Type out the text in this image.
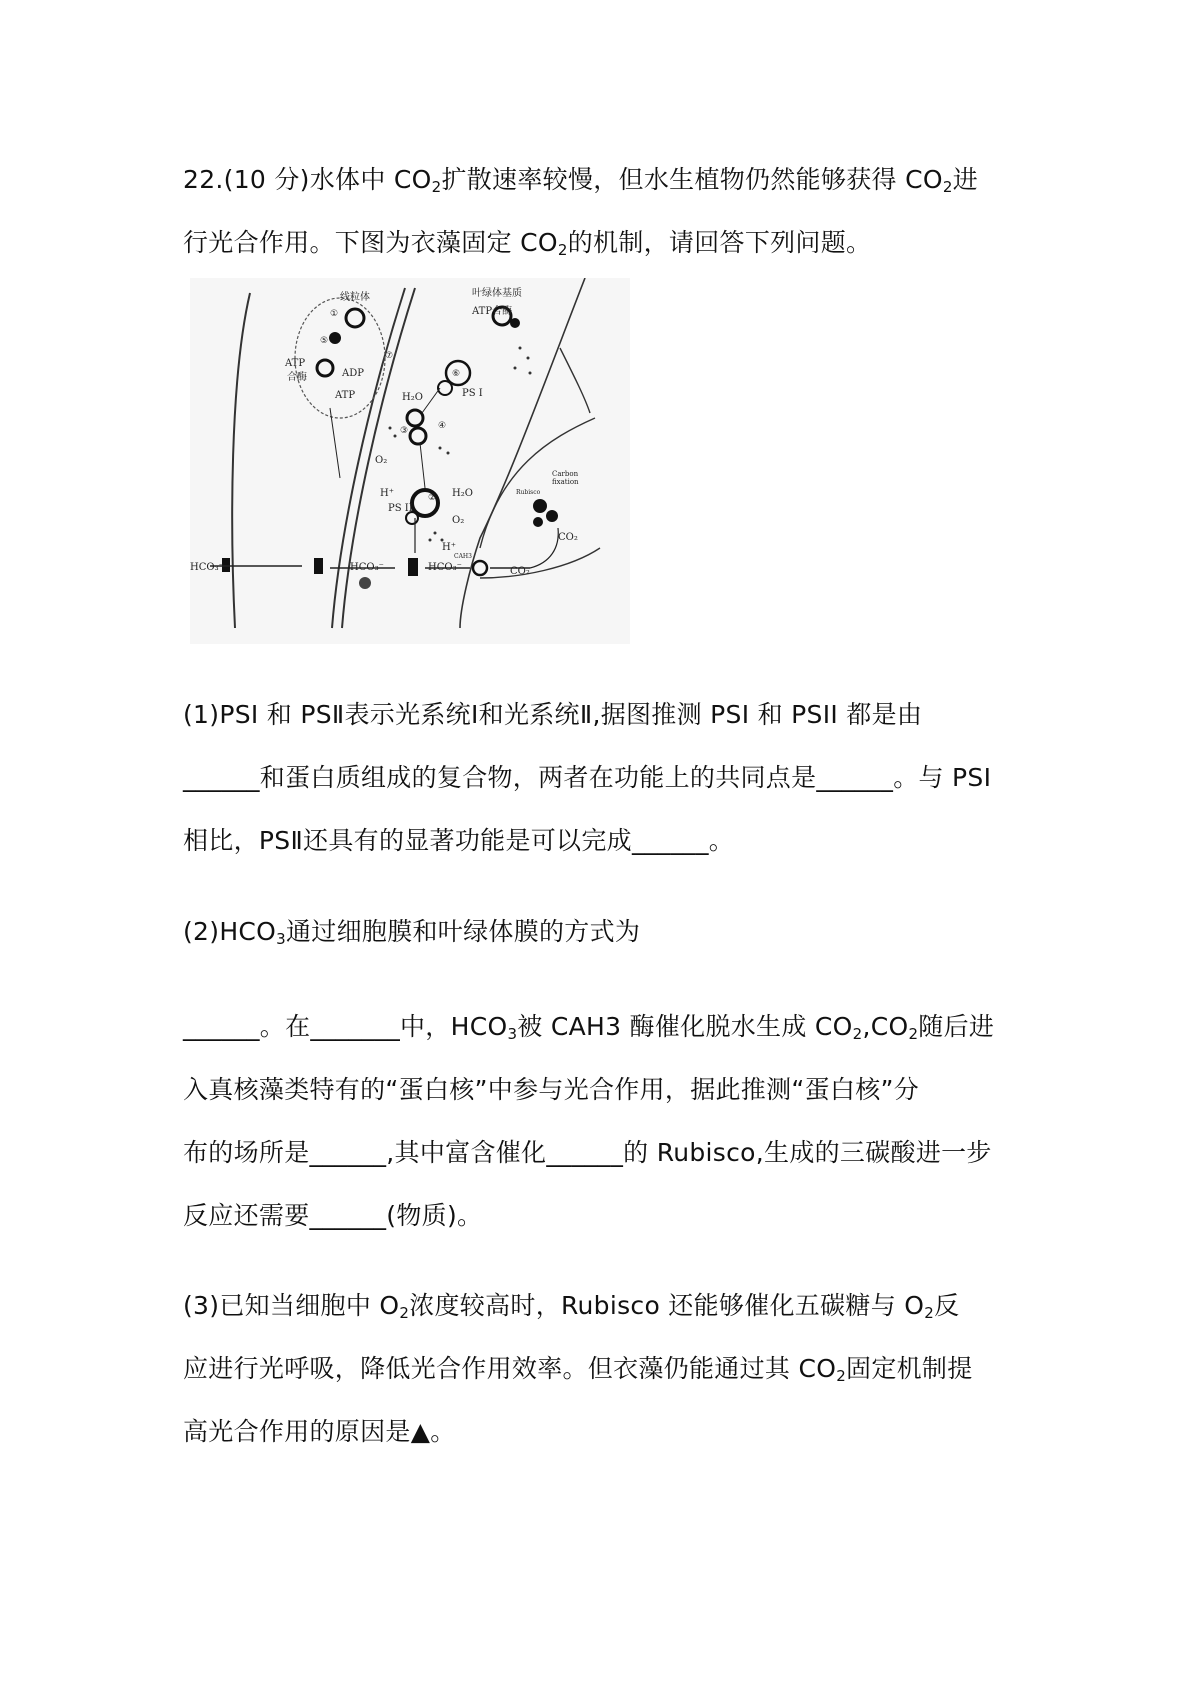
22.(10 分)水体中 $CO_2$扩散速率较慢，但水生植物仍然能够获得 $CO_2$进
行光合作用。下图为衣藻固定 $CO_2$的机制，请回答下列问题。
线粒体	叶绿体基质
ATP合酶
ATP
合酶	ADP
ATP	H₂O	PS I
O₂
H⁺
PS II
H₂O
O₂
H⁺
HCO₃⁻	HCO₃⁻	HCO₃⁻	CO₂
CO₂
Carbon
fixation
Rubisco
CAH3
①
②
③	④
⑤
⑥
⑦
(1)PSI 和 PSⅡ表示光系统Ⅰ和光系统Ⅱ,据图推测 PSI 和 PSII 都是由
______和蛋白质组成的复合物，两者在功能上的共同点是______。与 PSI
相比，PSⅡ还具有的显著功能是可以完成______。
$(2)HCO_3$通过细胞膜和叶绿体膜的方式为
______。在_______中，$HCO_3$被 CAH3 酶催化脱水生成 $CO_2,CO_2$随后进
入真核藻类特有的“蛋白核”中参与光合作用，据此推测“蛋白核”分
布的场所是______,其中富含催化______的 Rubisco,生成的三碳酸进一步
反应还需要______(物质)。
(3)已知当细胞中 $O_2$浓度较高时，Rubisco 还能够催化五碳糖与 $O_2$反
应进行光呼吸，降低光合作用效率。但衣藻仍能通过其 $CO_2$固定机制提
高光合作用的原因是▲。
